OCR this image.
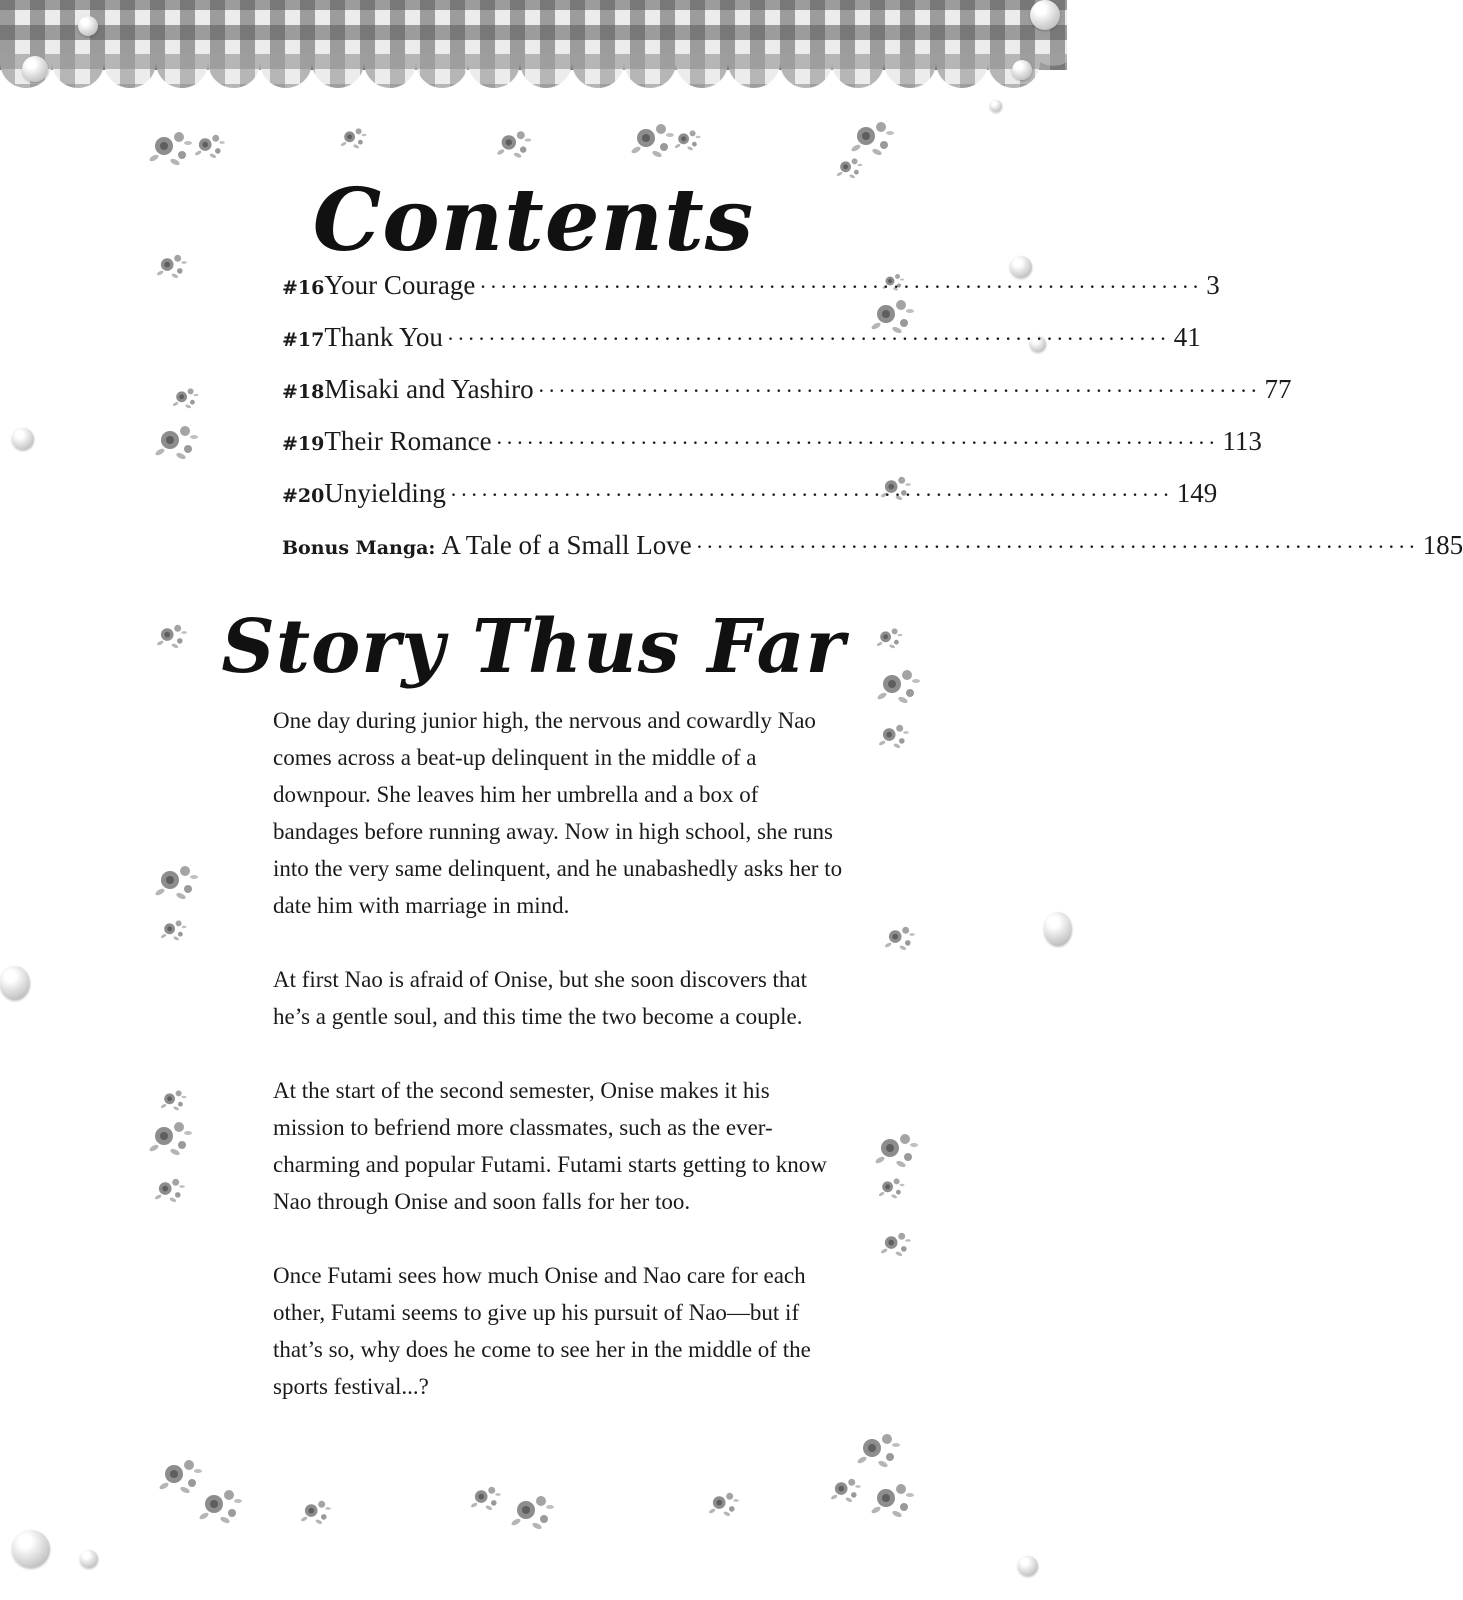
Contents
#16 Your Courage ······································································ 3
#17 Thank You ······································································ 41
#18 Misaki and Yashiro ······································································ 77
#19 Their Romance ······································································ 113
#20 Unyielding ······································································ 149
Bonus Manga: A Tale of a Small Love ······································································ 185
Story Thus Far

One day during junior high, the nervous and cowardly Nao comes across a beat-up delinquent in the middle of a downpour. She leaves him her umbrella and a box of bandages before running away. Now in high school, she runs into the very same delinquent, and he unabashedly asks her to date him with marriage in mind.

At first Nao is afraid of Onise, but she soon discovers that he’s a gentle soul, and this time the two become a couple.

At the start of the second semester, Onise makes it his mission to befriend more classmates, such as the ever-charming and popular Futami. Futami starts getting to know Nao through Onise and soon falls for her too.

Once Futami sees how much Onise and Nao care for each other, Futami seems to give up his pursuit of Nao—but if that’s so, why does he come to see her in the middle of the sports festival...?
